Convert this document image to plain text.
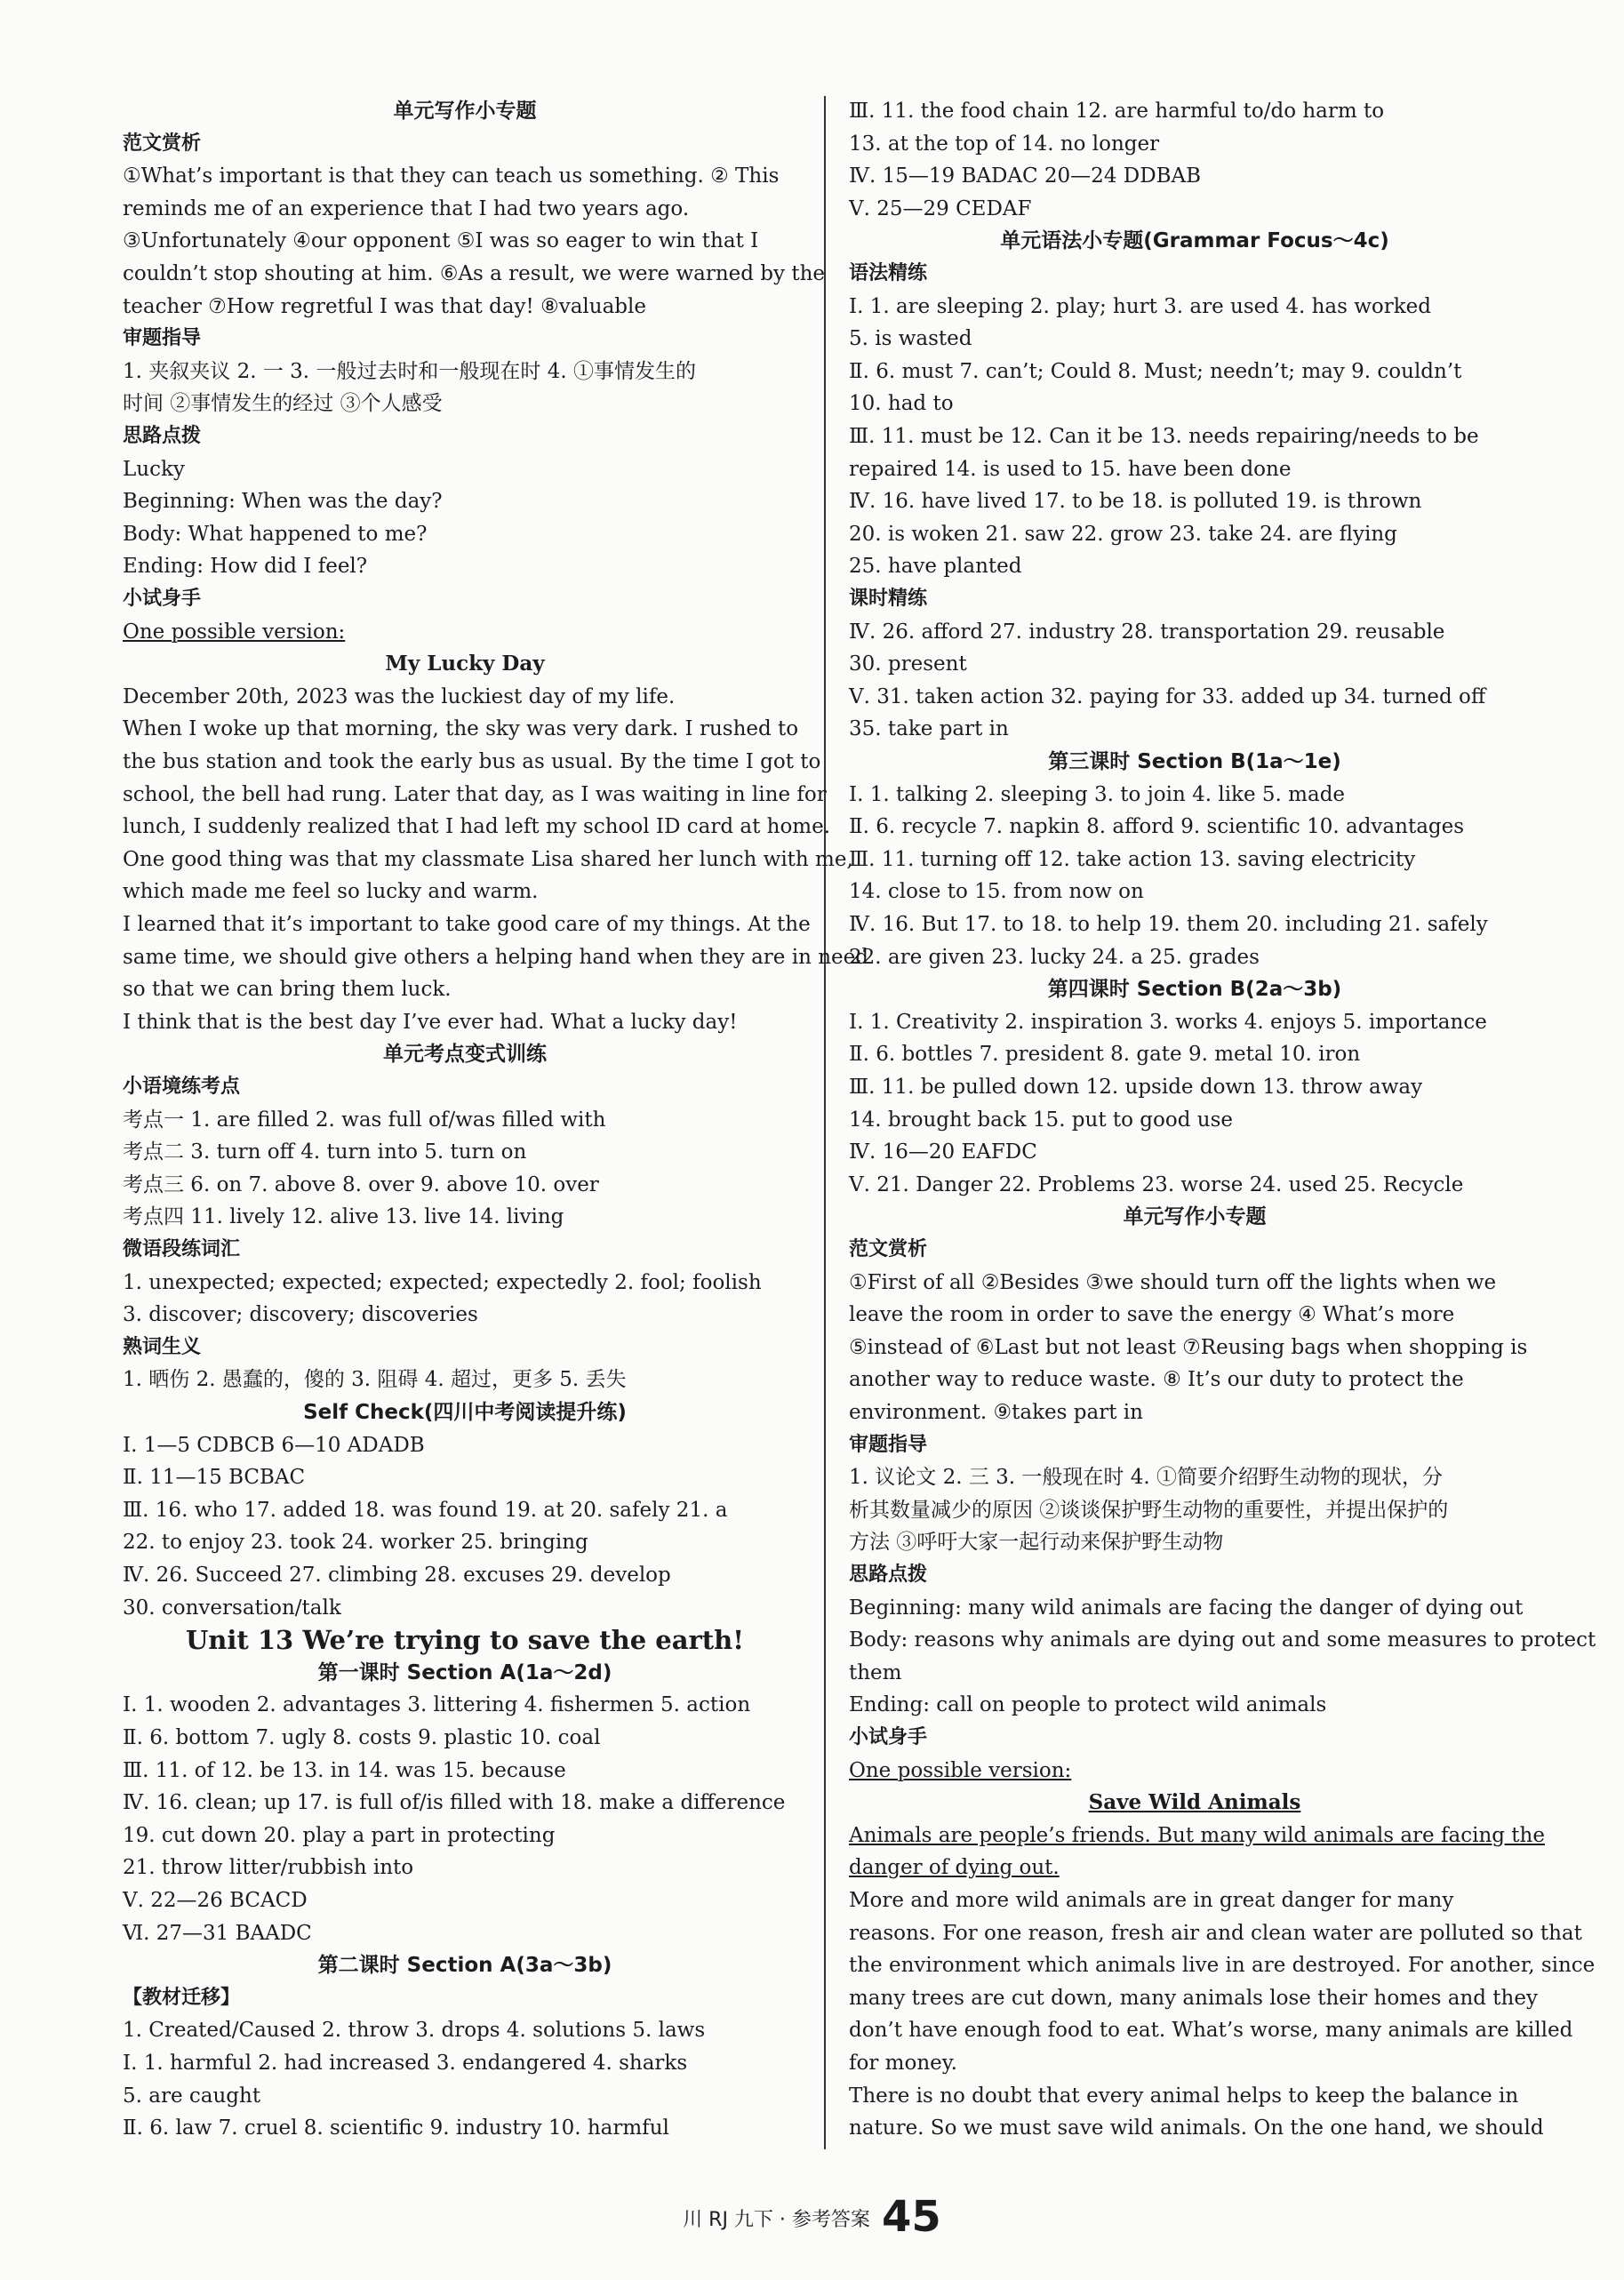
单元写作小专题
范文赏析
①What’s important is that they can teach us something. ② This
reminds me of an experience that I had two years ago.
③Unfortunately ④our opponent ⑤I was so eager to win that I
couldn’t stop shouting at him. ⑥As a result, we were warned by the
teacher ⑦How regretful I was that day! ⑧valuable
审题指导
1. 夹叙夹议 2. 一 3. 一般过去时和一般现在时 4. ①事情发生的
时间 ②事情发生的经过 ③个人感受
思路点拨
Lucky
Beginning: When was the day?
Body: What happened to me?
Ending: How did I feel?
小试身手
One possible version:
My Lucky Day
December 20th, 2023 was the luckiest day of my life.
When I woke up that morning, the sky was very dark. I rushed to
the bus station and took the early bus as usual. By the time I got to
school, the bell had rung. Later that day, as I was waiting in line for
lunch, I suddenly realized that I had left my school ID card at home.
One good thing was that my classmate Lisa shared her lunch with me,
which made me feel so lucky and warm.
I learned that it’s important to take good care of my things. At the
same time, we should give others a helping hand when they are in need
so that we can bring them luck.
I think that is the best day I’ve ever had. What a lucky day!
单元考点变式训练
小语境练考点
考点一 1. are filled 2. was full of/was filled with
考点二 3. turn off 4. turn into 5. turn on
考点三 6. on 7. above 8. over 9. above 10. over
考点四 11. lively 12. alive 13. live 14. living
微语段练词汇
1. unexpected; expected; expected; expectedly 2. fool; foolish
3. discover; discovery; discoveries
熟词生义
1. 晒伤 2. 愚蠢的，傻的 3. 阻碍 4. 超过，更多 5. 丢失
Self Check(四川中考阅读提升练)
Ⅰ. 1—5 CDBCB 6—10 ADADB
Ⅱ. 11—15 BCBAC
Ⅲ. 16. who 17. added 18. was found 19. at 20. safely 21. a
22. to enjoy 23. took 24. worker 25. bringing
Ⅳ. 26. Succeed 27. climbing 28. excuses 29. develop
30. conversation/talk
Unit 13 We’re trying to save the earth!
第一课时 Section A(1a～2d)
Ⅰ. 1. wooden 2. advantages 3. littering 4. fishermen 5. action
Ⅱ. 6. bottom 7. ugly 8. costs 9. plastic 10. coal
Ⅲ. 11. of 12. be 13. in 14. was 15. because
Ⅳ. 16. clean; up 17. is full of/is filled with 18. make a difference
19. cut down 20. play a part in protecting
21. throw litter/rubbish into
Ⅴ. 22—26 BCACD
Ⅵ. 27—31 BAADC
第二课时 Section A(3a～3b)
【教材迁移】
1. Created/Caused 2. throw 3. drops 4. solutions 5. laws
Ⅰ. 1. harmful 2. had increased 3. endangered 4. sharks
5. are caught
Ⅱ. 6. law 7. cruel 8. scientific 9. industry 10. harmful
Ⅲ. 11. the food chain 12. are harmful to/do harm to
13. at the top of 14. no longer
Ⅳ. 15—19 BADAC 20—24 DDBAB
Ⅴ. 25—29 CEDAF
单元语法小专题(Grammar Focus～4c)
语法精练
Ⅰ. 1. are sleeping 2. play; hurt 3. are used 4. has worked
5. is wasted
Ⅱ. 6. must 7. can’t; Could 8. Must; needn’t; may 9. couldn’t
10. had to
Ⅲ. 11. must be 12. Can it be 13. needs repairing/needs to be
repaired 14. is used to 15. have been done
Ⅳ. 16. have lived 17. to be 18. is polluted 19. is thrown
20. is woken 21. saw 22. grow 23. take 24. are flying
25. have planted
课时精练
Ⅳ. 26. afford 27. industry 28. transportation 29. reusable
30. present
Ⅴ. 31. taken action 32. paying for 33. added up 34. turned off
35. take part in
第三课时 Section B(1a～1e)
Ⅰ. 1. talking 2. sleeping 3. to join 4. like 5. made
Ⅱ. 6. recycle 7. napkin 8. afford 9. scientific 10. advantages
Ⅲ. 11. turning off 12. take action 13. saving electricity
14. close to 15. from now on
Ⅳ. 16. But 17. to 18. to help 19. them 20. including 21. safely
22. are given 23. lucky 24. a 25. grades
第四课时 Section B(2a～3b)
Ⅰ. 1. Creativity 2. inspiration 3. works 4. enjoys 5. importance
Ⅱ. 6. bottles 7. president 8. gate 9. metal 10. iron
Ⅲ. 11. be pulled down 12. upside down 13. throw away
14. brought back 15. put to good use
Ⅳ. 16—20 EAFDC
Ⅴ. 21. Danger 22. Problems 23. worse 24. used 25. Recycle
单元写作小专题
范文赏析
①First of all ②Besides ③we should turn off the lights when we
leave the room in order to save the energy ④ What’s more
⑤instead of ⑥Last but not least ⑦Reusing bags when shopping is
another way to reduce waste. ⑧ It’s our duty to protect the
environment. ⑨takes part in
审题指导
1. 议论文 2. 三 3. 一般现在时 4. ①简要介绍野生动物的现状，分
析其数量减少的原因 ②谈谈保护野生动物的重要性，并提出保护的
方法 ③呼吁大家一起行动来保护野生动物
思路点拨
Beginning: many wild animals are facing the danger of dying out
Body: reasons why animals are dying out and some measures to protect
them
Ending: call on people to protect wild animals
小试身手
One possible version:
Save Wild Animals
Animals are people’s friends. But many wild animals are facing the
danger of dying out.
More and more wild animals are in great danger for many
reasons. For one reason, fresh air and clean water are polluted so that
the environment which animals live in are destroyed. For another, since
many trees are cut down, many animals lose their homes and they
don’t have enough food to eat. What’s worse, many animals are killed
for money.
There is no doubt that every animal helps to keep the balance in
nature. So we must save wild animals. On the one hand, we should
川 RJ 九下 · 参考答案 45
